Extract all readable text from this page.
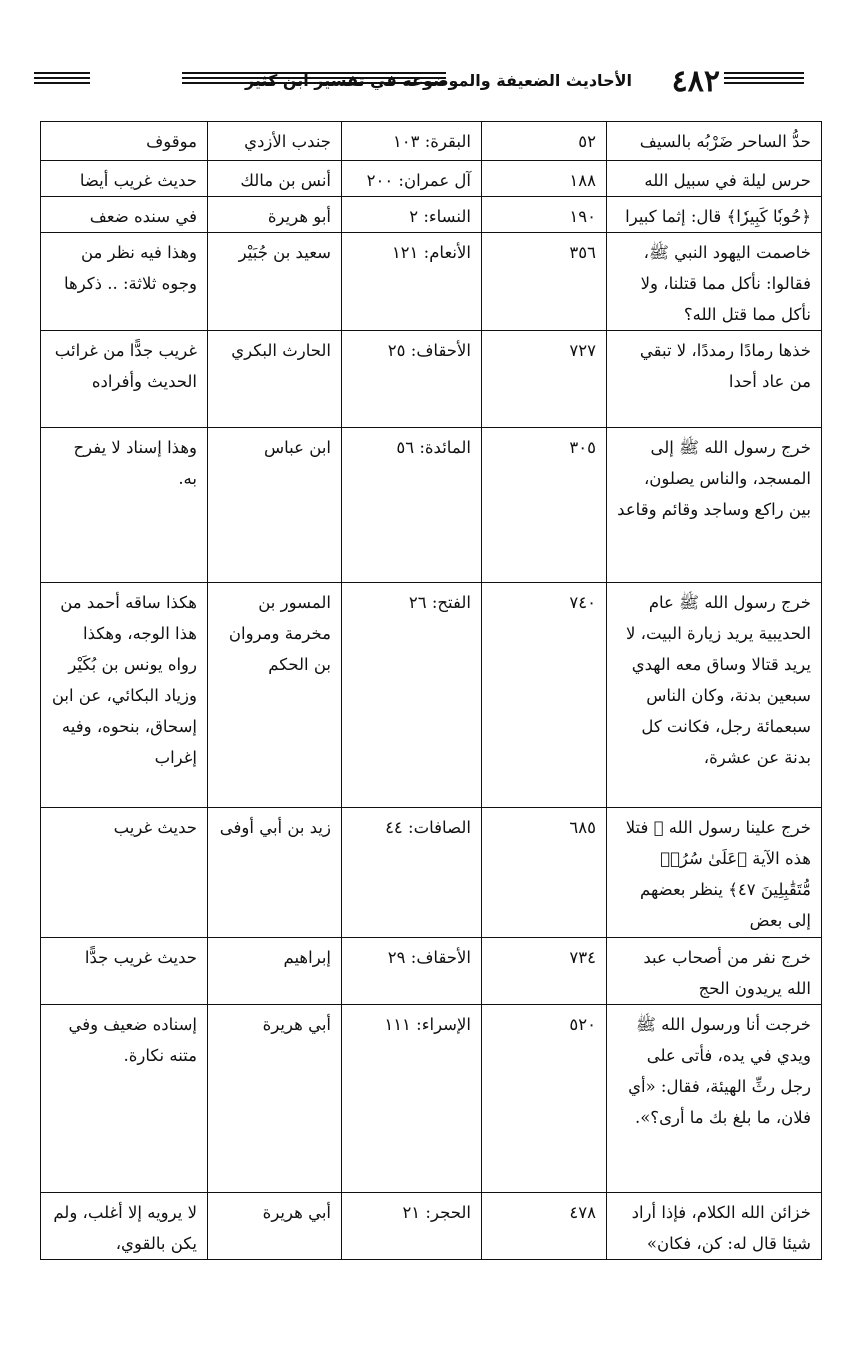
٤٨٢
الأحاديث الضعيفة والموضوعة في تفسير ابن كثير
حدُّ الساحر ضَرْبُه بالسيف	٥٢	البقرة: ١٠٣	جندب الأزدي	موقوف
حرس ليلة في سبيل الله	١٨٨	آل عمران: ٢٠٠	أنس بن مالك	حديث غريب أيضا
﴿حُوبٗا كَبِيرٗا﴾ قال: إثما كبيرا	١٩٠	النساء: ٢	أبو هريرة	في سنده ضعف
خاصمت اليهود النبي ﷺ، فقالوا: نأكل مما قتلنا، ولا نأكل مما قتل الله؟	٣٥٦	الأنعام: ١٢١	سعيد بن جُبَيْر	وهذا فيه نظر من وجوه ثلاثة: .. ذكرها
خذها رمادًا رمددًا، لا تبقي من عاد أحدا	٧٢٧	الأحقاف: ٢٥	الحارث البكري	غريب جدًّا من غرائب الحديث وأفراده
خرج رسول الله ﷺ إلى المسجد، والناس يصلون، بين راكع وساجد وقائم وقاعد	٣٠٥	المائدة: ٥٦	ابن عباس	وهذا إسناد لا يفرح به.
خرج رسول الله ﷺ عام الحديبية يريد زيارة البيت، لا يريد قتالا وساق معه الهدي سبعين بدنة، وكان الناس سبعمائة رجل، فكانت كل بدنة عن عشرة،	٧٤٠	الفتح: ٢٦	المسور بن مخرمة ومروان بن الحكم	هكذا ساقه أحمد من هذا الوجه، وهكذا رواه يونس بن بُكَيْر وزياد البكائي، عن ابن إسحاق، بنحوه، وفيه إغراب
خرج علينا رسول الله ﷺ فتلا هذه الآية ﴿عَلَىٰ سُرُرٖ مُّتَقَٰبِلِينَ ٤٧﴾ ينظر بعضهم إلى بعض	٦٨٥	الصافات: ٤٤	زيد بن أبي أوفى	حديث غريب
خرج نفر من أصحاب عبد الله يريدون الحج	٧٣٤	الأحقاف: ٢٩	إبراهيم	حديث غريب جدًّا
خرجت أنا ورسول الله ﷺ ويدي في يده، فأتى على رجل رثِّ الهيئة، فقال: «أي فلان، ما بلغ بك ما أرى؟».	٥٢٠	الإسراء: ١١١	أبي هريرة	إسناده ضعيف وفي متنه نكارة.
خزائن الله الكلام، فإذا أراد شيئا قال له: كن، فكان»	٤٧٨	الحجر: ٢١	أبي هريرة	لا يرويه إلا أغلب، ولم يكن بالقوي،
